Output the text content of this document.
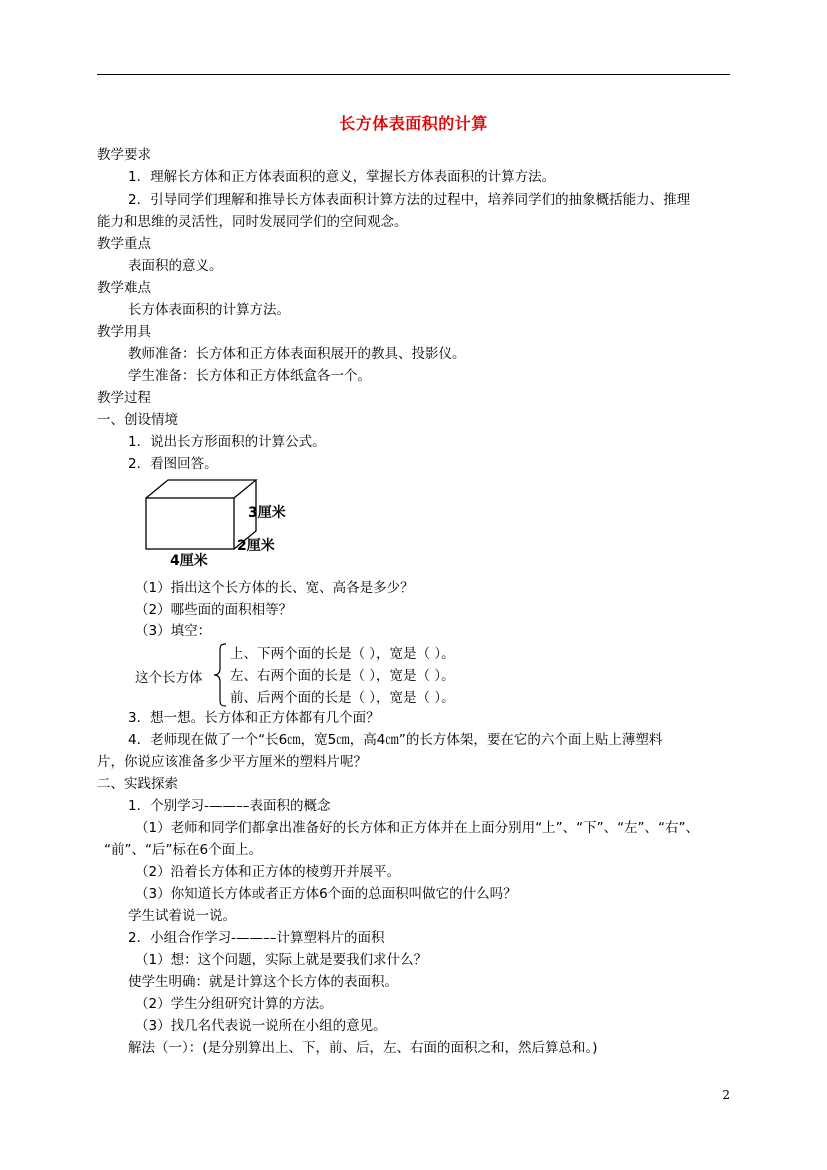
长方体表面积的计算
教学要求
1．理解长方体和正方体表面积的意义，掌握长方体表面积的计算方法。
2．引导同学们理解和推导长方体表面积计算方法的过程中，培养同学们的抽象概括能力、推理
能力和思维的灵活性，同时发展同学们的空间观念。
教学重点
表面积的意义。
教学难点
长方体表面积的计算方法。
教学用具
教师准备：长方体和正方体表面积展开的教具、投影仪。
学生准备：长方体和正方体纸盒各一个。
教学过程
一、创设情境
1．说出长方形面积的计算公式。
2．看图回答。
3厘米
2厘米
4厘米
（1）指出这个长方体的长、宽、高各是多少？
（2）哪些面的面积相等？
（3）填空：
这个长方体
上、下两个面的长是（ ），宽是（ ）。
左、右两个面的长是（ ），宽是（ ）。
前、后两个面的长是（ ），宽是（ ）。
3．想一想。长方体和正方体都有几个面？
4．老师现在做了一个“长6㎝，宽5㎝，高4㎝”的长方体架，要在它的六个面上贴上薄塑料
片，你说应该准备多少平方厘米的塑料片呢？
二、实践探索
1．个别学习-——––表面积的概念
（1）老师和同学们都拿出准备好的长方体和正方体并在上面分别用“上”、“下”、“左”、“右”、
“前”、“后”标在6个面上。
（2）沿着长方体和正方体的棱剪开并展平。
（3）你知道长方体或者正方体6个面的总面积叫做它的什么吗？
学生试着说一说。
2．小组合作学习-——––计算塑料片的面积
（1）想：这个问题，实际上就是要我们求什么？
使学生明确：就是计算这个长方体的表面积。
（2）学生分组研究计算的方法。
（3）找几名代表说一说所在小组的意见。
解法（一）：(是分别算出上、下，前、后，左、右面的面积之和，然后算总和。)
2
